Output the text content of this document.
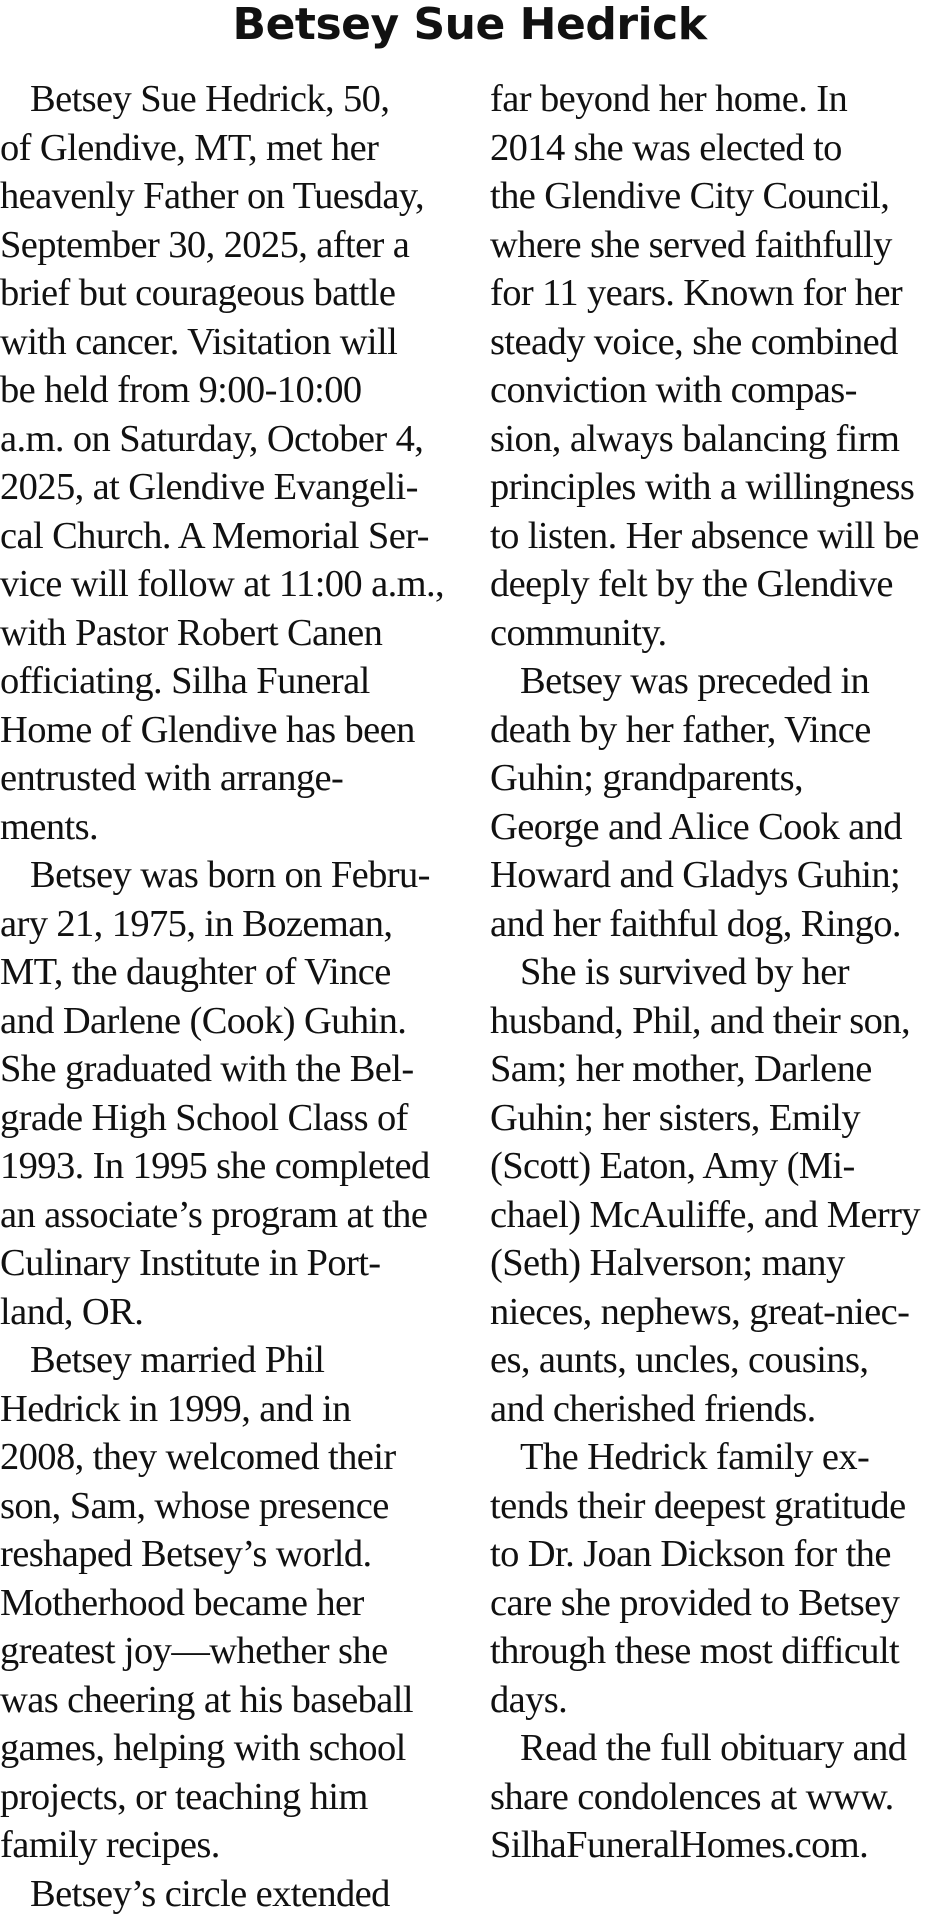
Betsey Sue Hedrick
Betsey Sue Hedrick, 50,
of Glendive, MT, met her
heavenly Father on Tuesday,
September 30, 2025, after a
brief but courageous battle
with cancer. Visitation will
be held from 9:00-10:00
a.m. on Saturday, October 4,
2025, at Glendive Evangeli-
cal Church. A Memorial Ser-
vice will follow at 11:00 a.m.,
with Pastor Robert Canen
officiating. Silha Funeral
Home of Glendive has been
entrusted with arrange-
ments.
Betsey was born on Febru-
ary 21, 1975, in Bozeman,
MT, the daughter of Vince
and Darlene (Cook) Guhin.
She graduated with the Bel-
grade High School Class of
1993. In 1995 she completed
an associate’s program at the
Culinary Institute in Port-
land, OR.
Betsey married Phil
Hedrick in 1999, and in
2008, they welcomed their
son, Sam, whose presence
reshaped Betsey’s world.
Motherhood became her
greatest joy—whether she
was cheering at his baseball
games, helping with school
projects, or teaching him
family recipes.
Betsey’s circle extended
far beyond her home. In
2014 she was elected to
the Glendive City Council,
where she served faithfully
for 11 years. Known for her
steady voice, she combined
conviction with compas-
sion, always balancing firm
principles with a willingness
to listen. Her absence will be
deeply felt by the Glendive
community.
Betsey was preceded in
death by her father, Vince
Guhin; grandparents,
George and Alice Cook and
Howard and Gladys Guhin;
and her faithful dog, Ringo.
She is survived by her
husband, Phil, and their son,
Sam; her mother, Darlene
Guhin; her sisters, Emily
(Scott) Eaton, Amy (Mi-
chael) McAuliffe, and Merry
(Seth) Halverson; many
nieces, nephews, great-niec-
es, aunts, uncles, cousins,
and cherished friends.
The Hedrick family ex-
tends their deepest gratitude
to Dr. Joan Dickson for the
care she provided to Betsey
through these most difficult
days.
Read the full obituary and
share condolences at www.
SilhaFuneralHomes.com.
